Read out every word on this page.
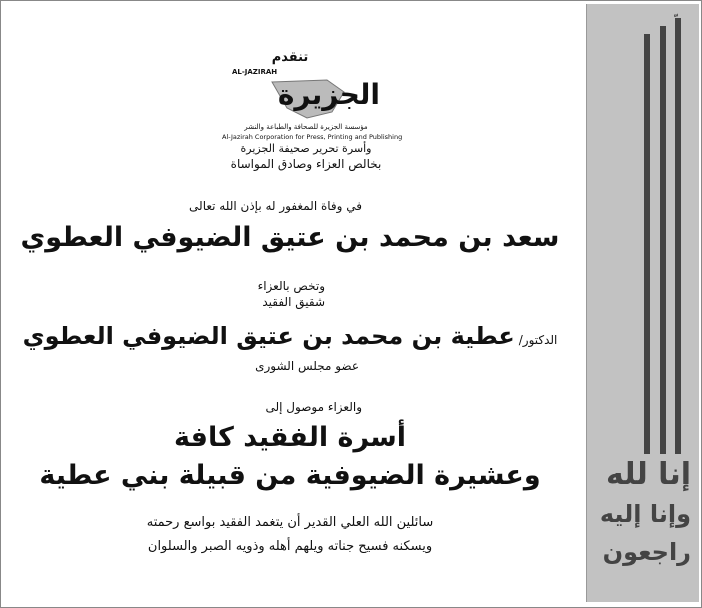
تنقدم
AL-JAZIRAH
الجزيرة
مؤسسة الجزيرة للصحافة والطباعة والنشر
Al-Jazirah Corporation for Press, Printing and Publishing
وأسرة تحرير صحيفة الجزيرة
بخالص العزاء وصادق المواساة
في وفاة المغفور له بإذن الله تعالى
سعد بن محمد بن عتيق الضيوفي العطوي
وتخص بالعزاء
شقيق الفقيد
الدكتور/
عطية بن محمد بن عتيق الضيوفي العطوي
عضو مجلس الشورى
والعزاء موصول إلى
أسرة الفقيد كافة
وعشيرة الضيوفية من قبيلة بني عطية
سائلين الله العلي القدير أن يتغمد الفقيد بواسع رحمته
ويسكنه فسيح جناته ويلهم أهله وذويه الصبر والسلوان
إنا لله
وإنا إليه
راجعون
